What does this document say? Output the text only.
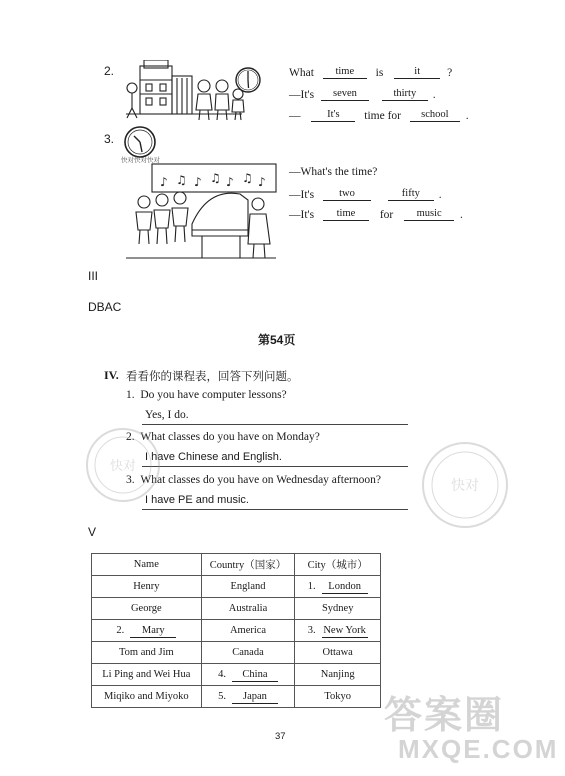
2.	What time is	it ?
—It's seven	thirty .
—	It's time for school .
3.
快对快对快对
♪ ♫ ♪ ♫ ♪ ♫ ♪
—What's the time?
—It's two	fifty .
—It's time for music .
III
DBAC
第54页
IV. 看看你的课程表，回答下列问题。
1. Do you have computer lessons?
Yes, I do.
2. What classes do you have on Monday?
I have Chinese and English.
3. What classes do you have on Wednesday afternoon?
I have PE and music.
快对
快对
V
Name	Country（国家）	City（城市）
Henry	England	1. London
George	Australia	Sydney
2. Mary	America	3. New York
Tom and Jim	Canada	Ottawa
Li Ping and Wei Hua	4. China	Nanjing
Miqiko and Miyoko	5. Japan	Tokyo 答案圈
MXQE.COM
37
